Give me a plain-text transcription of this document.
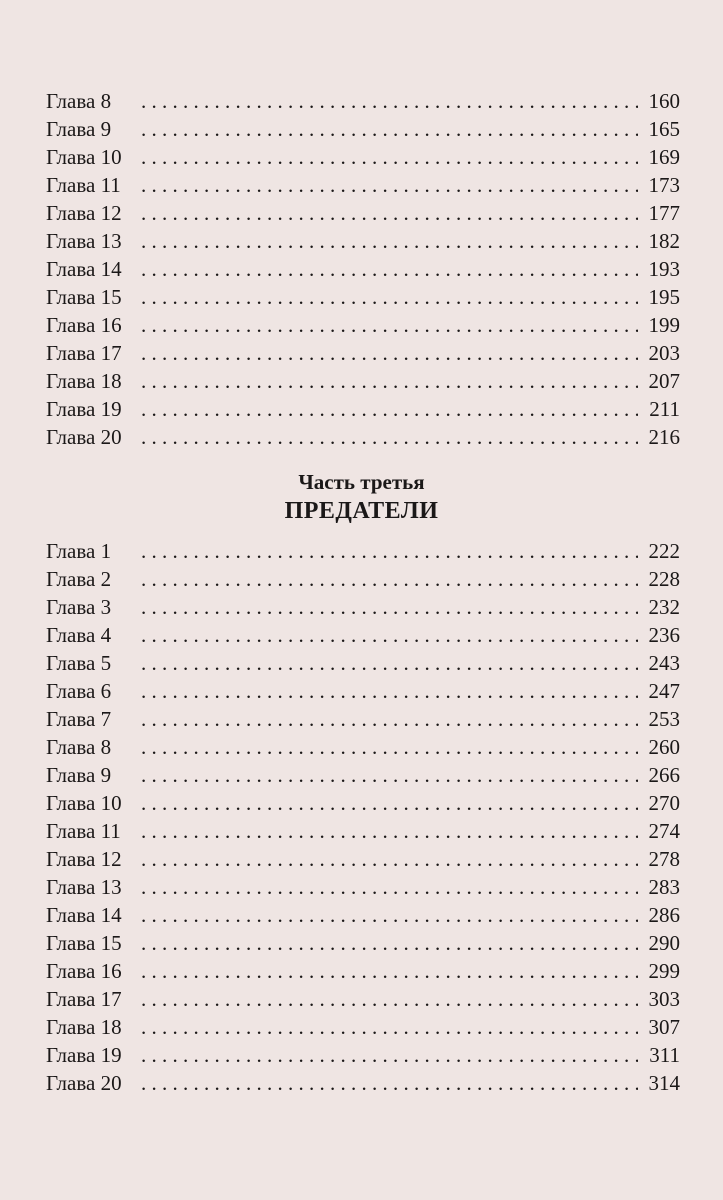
Глава 8 . . .	160
Глава 9 . . .	165
Глава 10 . . .	169
Глава 11 . . .	173
Глава 12 . . .	177
Глава 13 . . .	182
Глава 14 . . .	193
Глава 15 . . .	195
Глава 16 . . .	199
Глава 17 . . .	203
Глава 18 . . .	207
Глава 19 . . .	211
Глава 20 . . .	216
Часть третья
ПРЕДАТЕЛИ
Глава 1 . . .	222
Глава 2 . . .	228
Глава 3 . . .	232
Глава 4 . . .	236
Глава 5 . . .	243
Глава 6 . . .	247
Глава 7 . . .	253
Глава 8 . . .	260
Глава 9 . . .	266
Глава 10 . . .	270
Глава 11 . . .	274
Глава 12 . . .	278
Глава 13 . . .	283
Глава 14 . . .	286
Глава 15 . . .	290
Глава 16 . . .	299
Глава 17 . . .	303
Глава 18 . . .	307
Глава 19 . . .	311
Глава 20 . . .	314
